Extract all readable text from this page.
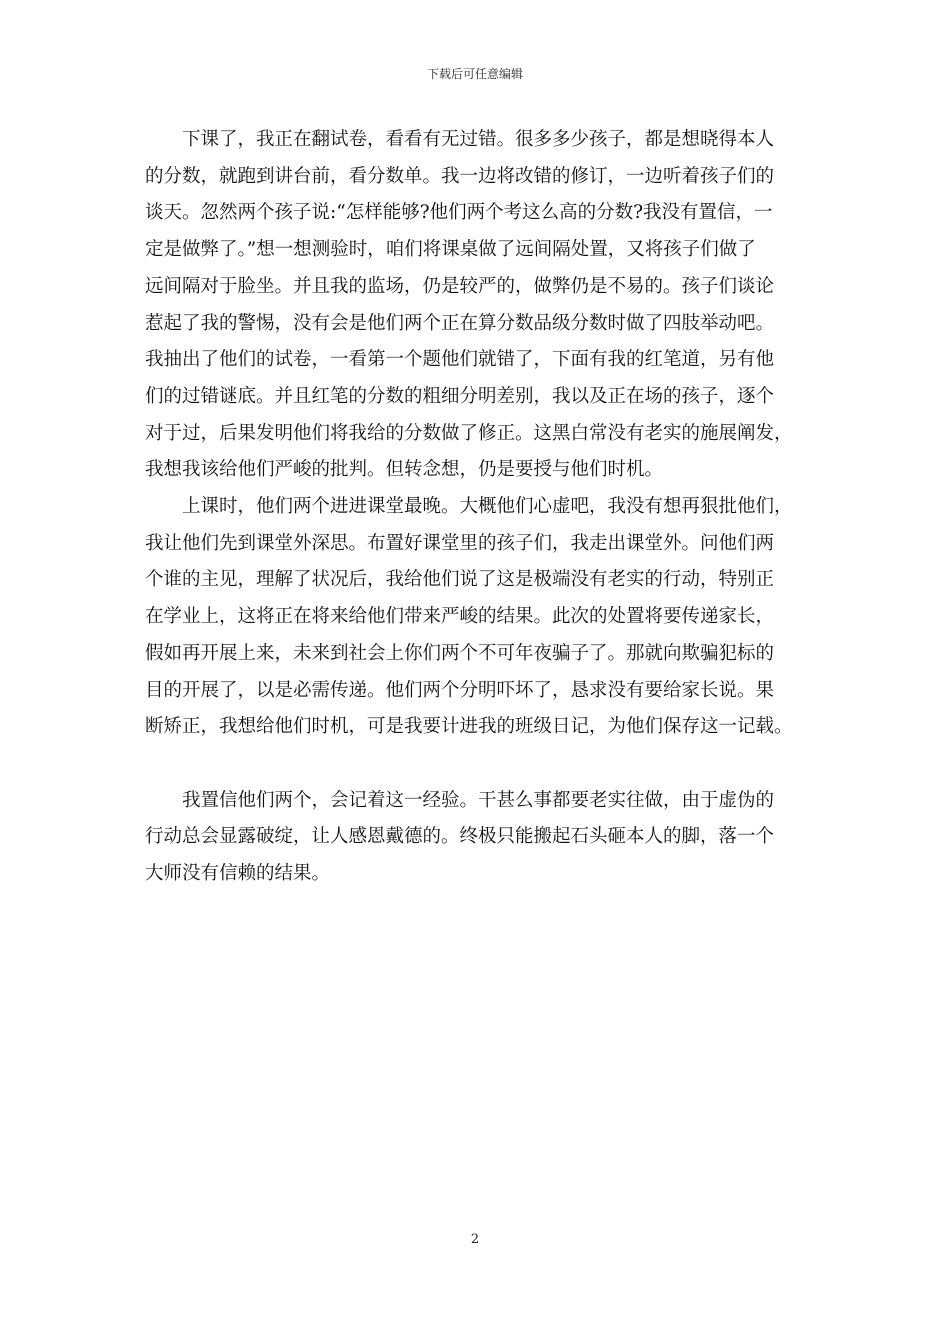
下载后可任意编辑
下课了，我正在翻试卷，看看有无过错。很多多少孩子，都是想晓得本人
的分数，就跑到讲台前，看分数单。我一边将改错的修订，一边听着孩子们的
谈天。忽然两个孩子说:“怎样能够?他们两个考这么高的分数?我没有置信，一
定是做弊了。”想一想测验时，咱们将课桌做了远间隔处置，又将孩子们做了
远间隔对于脸坐。并且我的监场，仍是较严的，做弊仍是不易的。孩子们谈论
惹起了我的警惕，没有会是他们两个正在算分数品级分数时做了四肢举动吧。
我抽出了他们的试卷，一看第一个题他们就错了，下面有我的红笔道，另有他
们的过错谜底。并且红笔的分数的粗细分明差别，我以及正在场的孩子，逐个
对于过，后果发明他们将我给的分数做了修正。这黑白常没有老实的施展阐发，
我想我该给他们严峻的批判。但转念想，仍是要授与他们时机。
上课时，他们两个进进课堂最晚。大概他们心虚吧，我没有想再狠批他们，
我让他们先到课堂外深思。布置好课堂里的孩子们，我走出课堂外。问他们两
个谁的主见，理解了状况后，我给他们说了这是极端没有老实的行动，特别正
在学业上，这将正在将来给他们带来严峻的结果。此次的处置将要传递家长，
假如再开展上来，未来到社会上你们两个不可年夜骗子了。那就向欺骗犯标的
目的开展了，以是必需传递。他们两个分明吓坏了，恳求没有要给家长说。果
断矫正，我想给他们时机，可是我要计进我的班级日记，为他们保存这一记载。
我置信他们两个，会记着这一经验。干甚么事都要老实往做，由于虚伪的
行动总会显露破绽，让人感恩戴德的。终极只能搬起石头砸本人的脚，落一个
大师没有信赖的结果。
2
